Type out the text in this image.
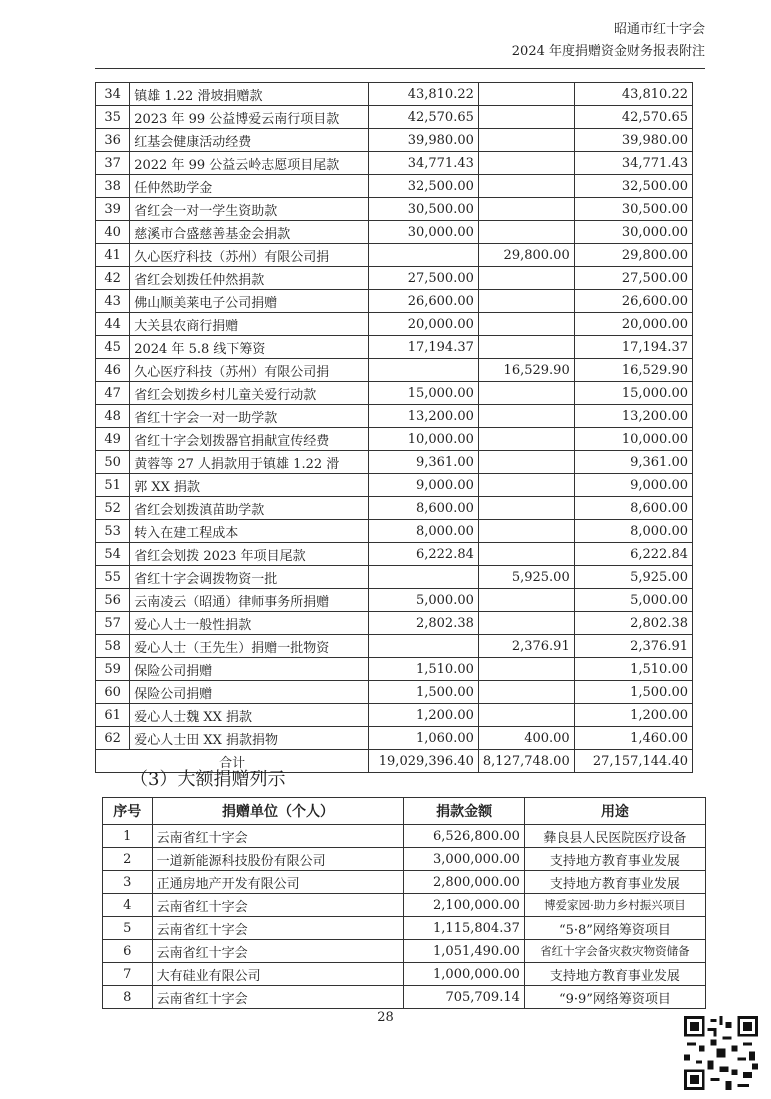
昭通市红十字会
2024 年度捐赠资金财务报表附注
34	镇雄 1.22 滑坡捐赠款	43,810.22		43,810.22
35	2023 年 99 公益博爱云南行项目款	42,570.65		42,570.65
36	红基会健康活动经费	39,980.00		39,980.00
37	2022 年 99 公益云岭志愿项目尾款	34,771.43		34,771.43
38	任仲然助学金	32,500.00		32,500.00
39	省红会一对一学生资助款	30,500.00		30,500.00
40	慈溪市合盛慈善基金会捐款	30,000.00		30,000.00
41	久心医疗科技（苏州）有限公司捐		29,800.00	29,800.00
42	省红会划拨任仲然捐款	27,500.00		27,500.00
43	佛山顺美莱电子公司捐赠	26,600.00		26,600.00
44	大关县农商行捐赠	20,000.00		20,000.00
45	2024 年 5.8 线下筹资	17,194.37		17,194.37
46	久心医疗科技（苏州）有限公司捐		16,529.90	16,529.90
47	省红会划拨乡村儿童关爱行动款	15,000.00		15,000.00
48	省红十字会一对一助学款	13,200.00		13,200.00
49	省红十字会划拨器官捐献宣传经费	10,000.00		10,000.00
50	黄蓉等 27 人捐款用于镇雄 1.22 滑	9,361.00		9,361.00
51	郭 XX 捐款	9,000.00		9,000.00
52	省红会划拨滇苗助学款	8,600.00		8,600.00
53	转入在建工程成本	8,000.00		8,000.00
54	省红会划拨 2023 年项目尾款	6,222.84		6,222.84
55	省红十字会调拨物资一批		5,925.00	5,925.00
56	云南凌云（昭通）律师事务所捐赠	5,000.00		5,000.00
57	爱心人士一般性捐款	2,802.38		2,802.38
58	爱心人士（王先生）捐赠一批物资		2,376.91	2,376.91
59	保险公司捐赠	1,510.00		1,510.00
60	保险公司捐赠	1,500.00		1,500.00
61	爱心人士魏 XX 捐款	1,200.00		1,200.00
62	爱心人士田 XX 捐款捐物	1,060.00	400.00	1,460.00
合计		19,029,396.40	8,127,748.00	27,157,144.40
（3）大额捐赠列示
序号	捐赠单位（个人）	捐款金额	用途
1	云南省红十字会	6,526,800.00	彝良县人民医院医疗设备
2	一道新能源科技股份有限公司	3,000,000.00	支持地方教育事业发展
3	正通房地产开发有限公司	2,800,000.00	支持地方教育事业发展
4	云南省红十字会	2,100,000.00	博爱家园·助力乡村振兴项目
5	云南省红十字会	1,115,804.37	“5·8”网络筹资项目
6	云南省红十字会	1,051,490.00	省红十字会备灾救灾物资储备
7	大有硅业有限公司	1,000,000.00	支持地方教育事业发展
8	云南省红十字会	705,709.14	“9·9”网络筹资项目
28
